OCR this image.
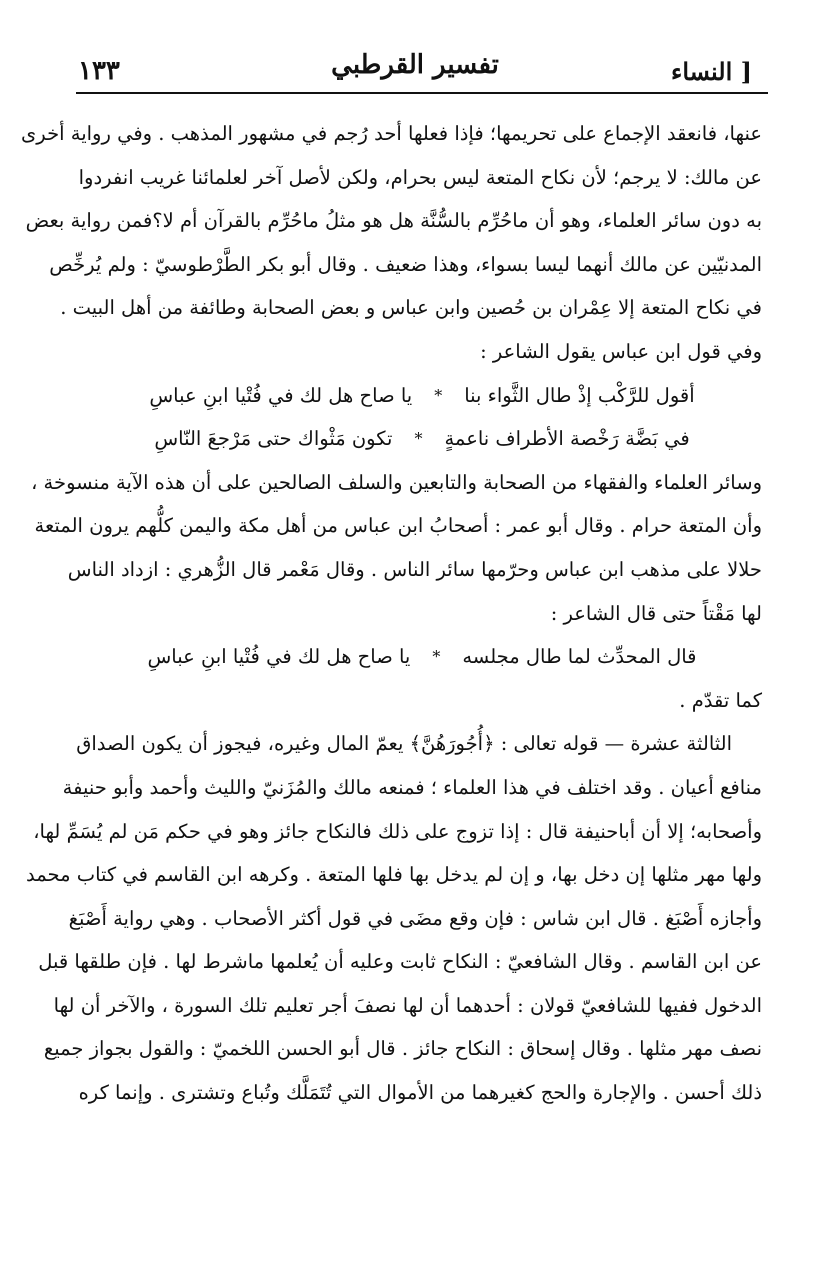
[ النساء
تفسير القرطبي
١٣٣
عنها، فانعقد الإجماع على تحريمها؛ فإذا فعلها أحد رُجم في مشهور المذهب . وفي رواية أخرى
عن مالك: لا يرجم؛ لأن نكاح المتعة ليس بحرام، ولكن لأصل آخر لعلمائنا غريب انفردوا
به دون سائر العلماء، وهو أن ماحُرِّم بالسُّنَّة هل هو مثلُ ماحُرِّم بالقرآن أم لا؟فمن رواية بعض
المدنيّين عن مالك أنهما ليسا بسواء، وهذا ضعيف . وقال أبو بكر الطَّرْطوسيّ : ولم يُرخِّص
في نكاح المتعة إلا عِمْران بن حُصين وابن عباس و بعض الصحابة وطائفة من أهل البيت .
وفي قول ابن عباس يقول الشاعر :
أقول للرَّكْب إذْ طال الثَّواء بنا
*
يا صاح هل لك في فُتْيا ابنِ عباسِ
في بَضَّة رَخْصة الأطراف ناعمةٍ
*
تكون مَثْواك حتى مَرْجعَ النّاسِ
وسائر العلماء والفقهاء من الصحابة والتابعين والسلف الصالحين على أن هذه الآية منسوخة ،
وأن المتعة حرام . وقال أبو عمر : أصحابُ ابن عباس من أهل مكة واليمن كلُّهم يرون المتعة
حلالا على مذهب ابن عباس وحرّمها سائر الناس . وقال مَعْمر قال الزُّهري : ازداد الناس
لها مَقْتاً حتى قال الشاعر :
قال المحدِّث لما طال مجلسه
*
يا صاح هل لك في فُتْيا ابنِ عباسِ
كما تقدّم .
الثالثة عشرة — قوله تعالى : ﴿أُجُورَهُنَّ﴾ يعمّ المال وغيره، فيجوز أن يكون الصداق
منافع أعيان . وقد اختلف في هذا العلماء ؛ فمنعه مالك والمُزَنيّ والليث وأحمد وأبو حنيفة
وأصحابه؛ إلا أن أباحنيفة قال : إذا تزوج على ذلك فالنكاح جائز وهو في حكم مَن لم يُسَمِّ لها،
ولها مهر مثلها إن دخل بها، و إن لم يدخل بها فلها المتعة . وكرهه ابن القاسم في كتاب محمد
وأجازه أَصْبَغ . قال ابن شاس : فإن وقع مضَى في قول أكثر الأصحاب . وهي رواية أَصْبَغ
عن ابن القاسم . وقال الشافعيّ : النكاح ثابت وعليه أن يُعلمها ماشرط لها . فإن طلقها قبل
الدخول ففيها للشافعيّ قولان : أحدهما أن لها نصفَ أجر تعليم تلك السورة ، والآخر أن لها
نصف مهر مثلها . وقال إسحاق : النكاح جائز . قال أبو الحسن اللخميّ : والقول بجواز جميع
ذلك أحسن . والإجارة والحج كغيرهما من الأموال التي تُتَمَلَّك وتُباع وتشترى . وإنما كره
